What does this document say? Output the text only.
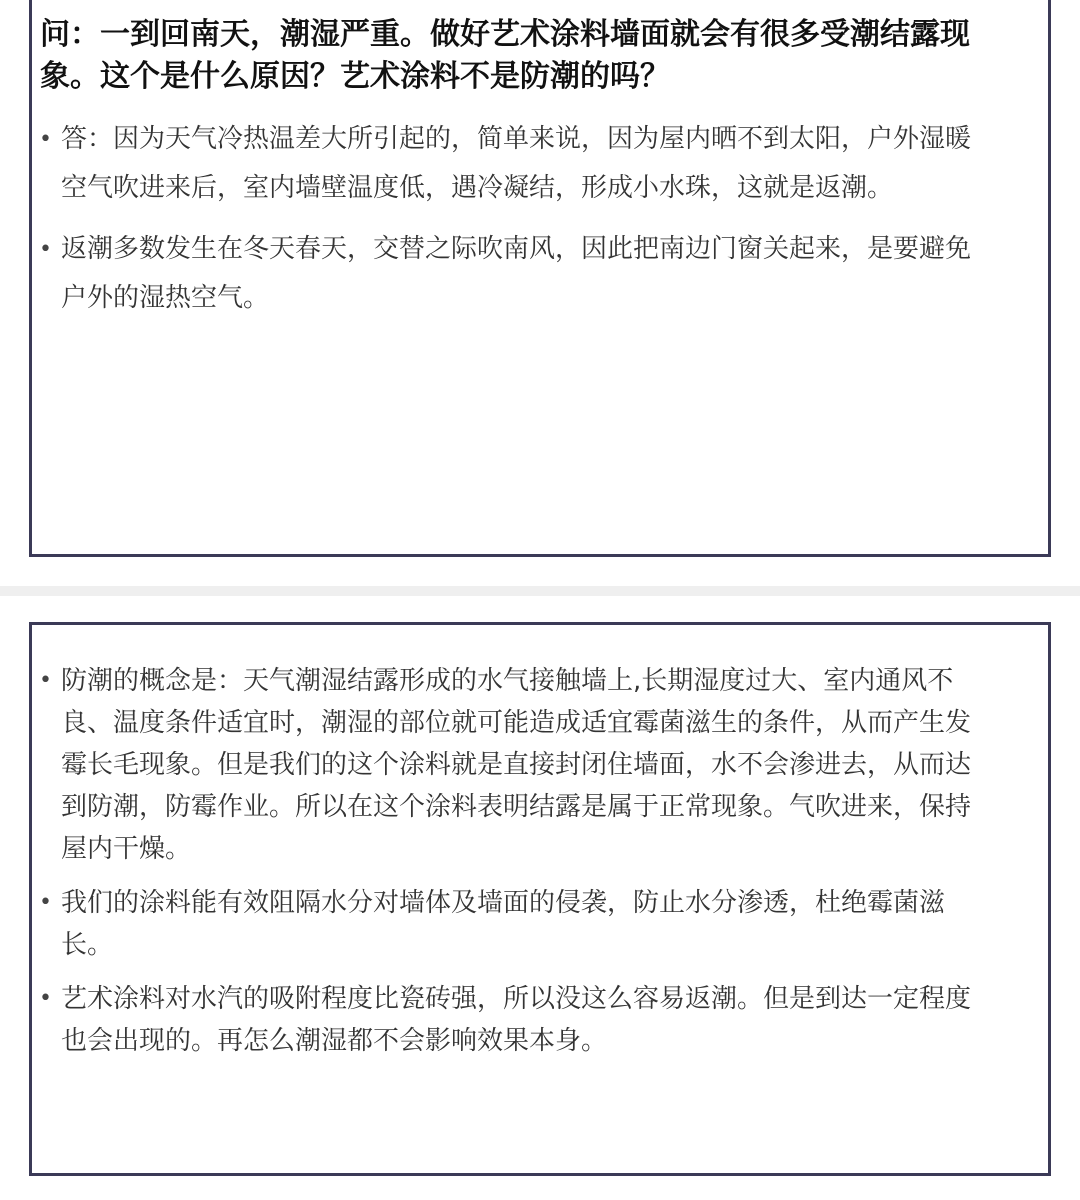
问：一到回南天，潮湿严重。做好艺术涂料墙面就会有很多受潮结露现象。这个是什么原因？艺术涂料不是防潮的吗？
• 答：因为天气冷热温差大所引起的，简单来说，因为屋内晒不到太阳，户外湿暖空气吹进来后，室内墙壁温度低，遇冷凝结，形成小水珠，这就是返潮。
• 返潮多数发生在冬天春天，交替之际吹南风，因此把南边门窗关起来，是要避免户外的湿热空气。
• 防潮的概念是：天气潮湿结露形成的水气接触墙上,长期湿度过大、室内通风不良、温度条件适宜时，潮湿的部位就可能造成适宜霉菌滋生的条件，从而产生发霉长毛现象。但是我们的这个涂料就是直接封闭住墙面，水不会渗进去，从而达到防潮，防霉作业。所以在这个涂料表明结露是属于正常现象。气吹进来，保持屋内干燥。
• 我们的涂料能有效阻隔水分对墙体及墙面的侵袭，防止水分渗透，杜绝霉菌滋长。
• 艺术涂料对水汽的吸附程度比瓷砖强，所以没这么容易返潮。但是到达一定程度也会出现的。再怎么潮湿都不会影响效果本身。
